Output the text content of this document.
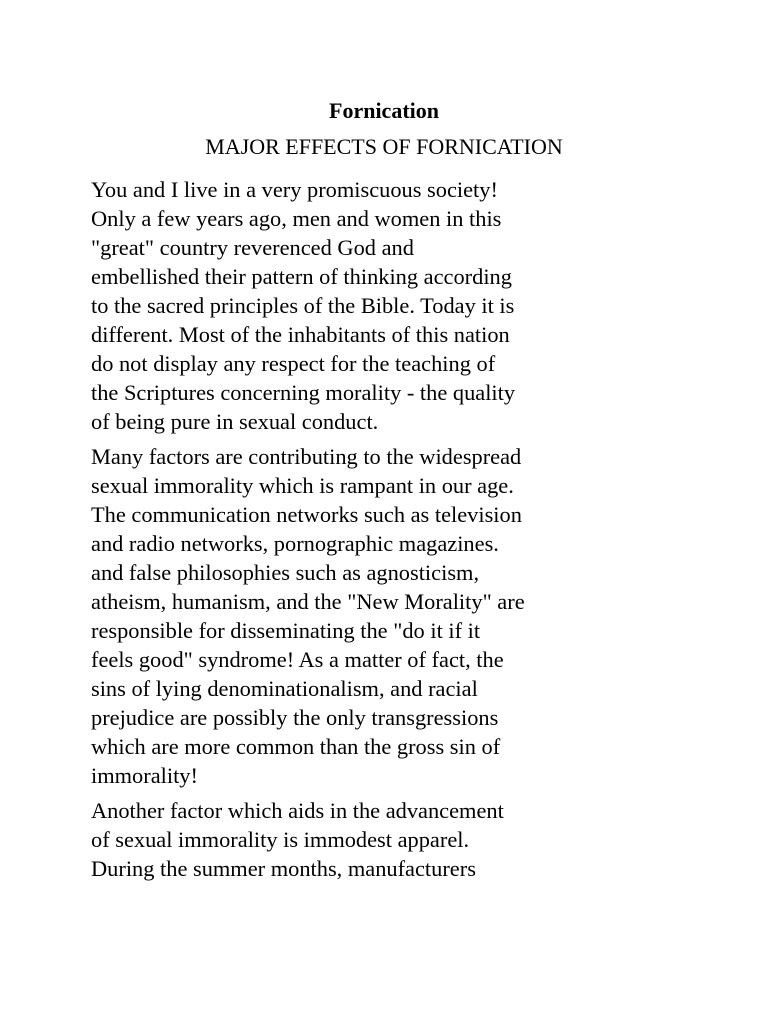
Fornication
MAJOR EFFECTS OF FORNICATION
You and I live in a very promiscuous society!
Only a few years ago, men and women in this
"great" country reverenced God and
embellished their pattern of thinking according
to the sacred principles of the Bible. Today it is
different. Most of the inhabitants of this nation
do not display any respect for the teaching of
the Scriptures concerning morality - the quality
of being pure in sexual conduct.
Many factors are contributing to the widespread
sexual immorality which is rampant in our age.
The communication networks such as television
and radio networks, pornographic magazines.
and false philosophies such as agnosticism,
atheism, humanism, and the "New Morality" are
responsible for disseminating the "do it if it
feels good" syndrome! As a matter of fact, the
sins of lying denominationalism, and racial
prejudice are possibly the only transgressions
which are more common than the gross sin of
immorality!
Another factor which aids in the advancement
of sexual immorality is immodest apparel.
During the summer months, manufacturers
